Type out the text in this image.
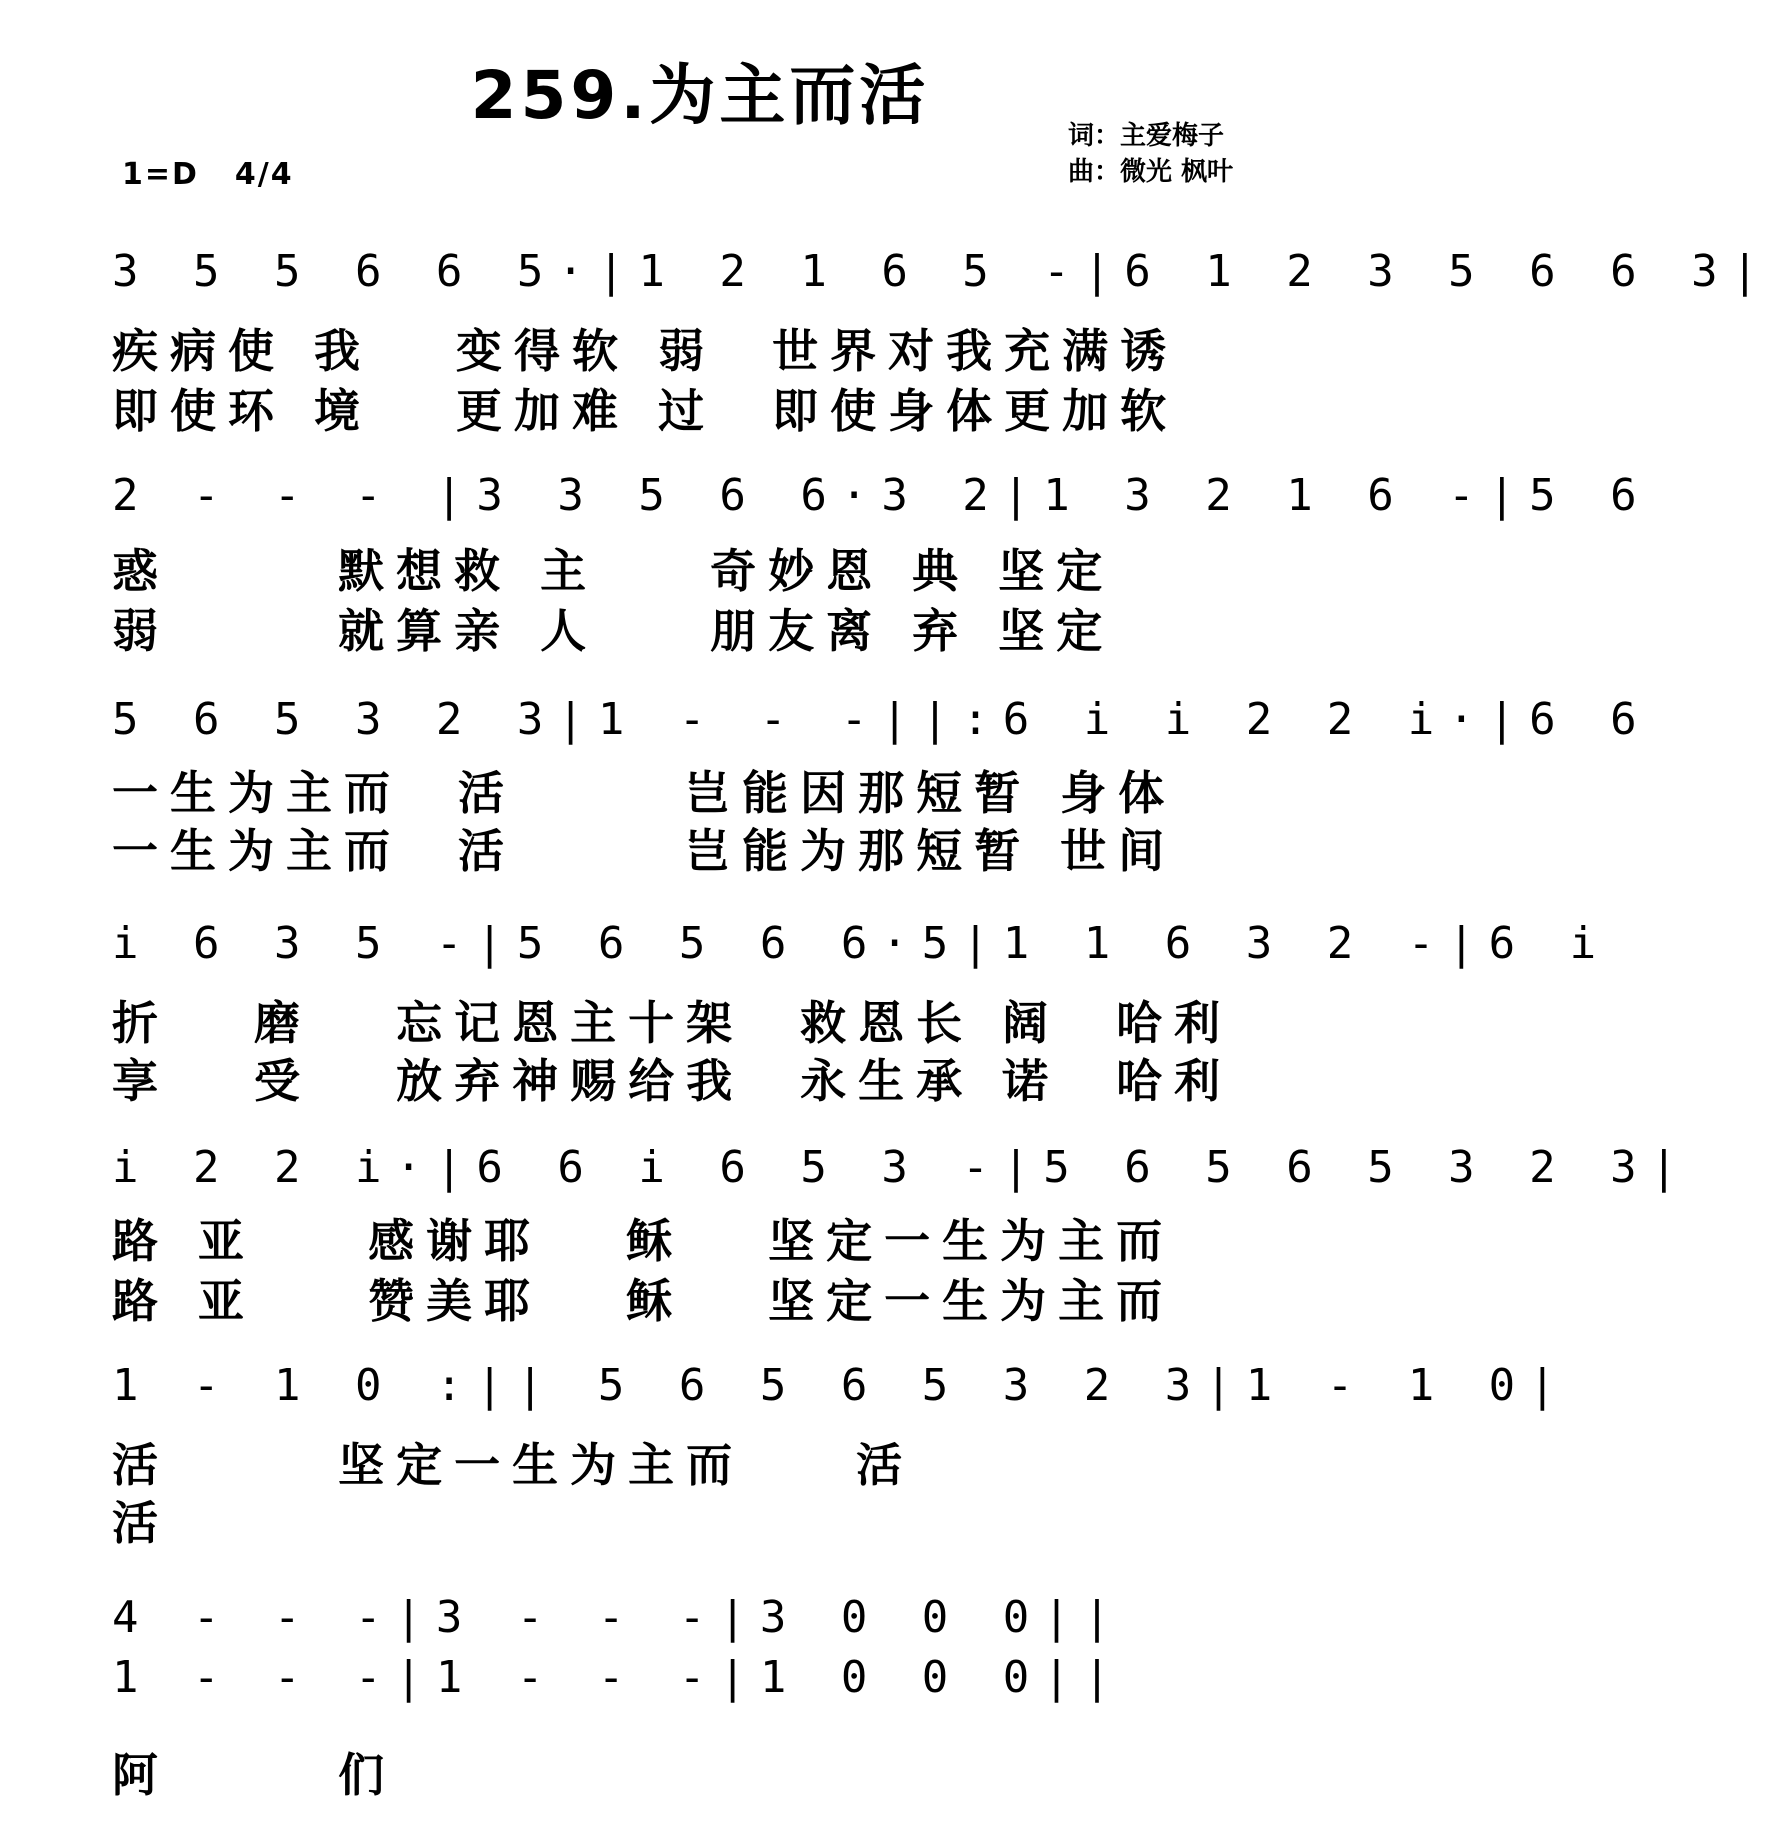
259.为主而活
词：主爱梅子
曲：微光 枫叶
1=D 4/4
3 5 5 6 6 5·|1 2 1 6 5 -|6 1 2 3 5 6 6 3|
疾病使 我   变得软 弱  世界对我充满诱
即使环 境   更加难 过  即使身体更加软
2 - - - |3 3 5 6 6·3 2|1 3 2 1 6 -|5 6
惑      默想救 主    奇妙恩 典 坚定
弱      就算亲 人    朋友离 弃 坚定
5 6 5 3 2 3|1 - - -||:6 i i 2 2 i·|6 6
一生为主而  活      岂能因那短暂 身体
一生为主而  活      岂能为那短暂 世间
i 6 3 5 -|5 6 5 6 6·5|1 1 6 3 2 -|6 i
折   磨   忘记恩主十架  救恩长 阔  哈利
享   受   放弃神赐给我  永生承 诺  哈利
i 2 2 i·|6 6 i 6 5 3 -|5 6 5 6 5 3 2 3|
路 亚    感谢耶   稣   坚定一生为主而
路 亚    赞美耶   稣   坚定一生为主而
1 - 1 0 :|| 5 6 5 6 5 3 2 3|1 - 1 0|
活      坚定一生为主而    活
活
4 - - -|3 - - -|3 0 0 0||
1 - - -|1 - - -|1 0 0 0||
阿      们
